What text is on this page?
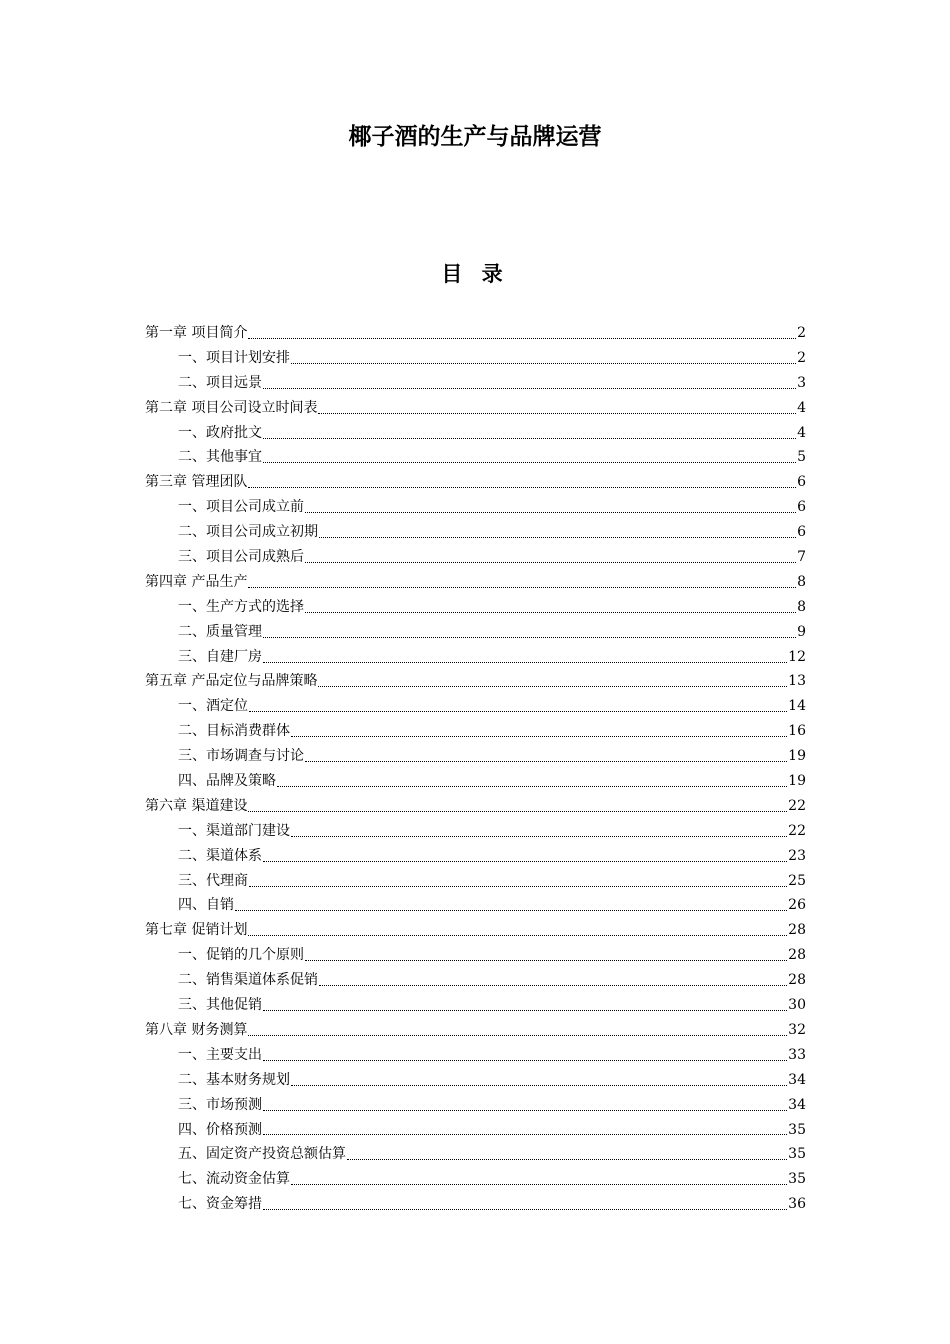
椰子酒的生产与品牌运营
目 录
第一章 项目简介	2
一、项目计划安排	2
二、项目远景	3
第二章 项目公司设立时间表	4
一、政府批文	4
二、其他事宜	5
第三章 管理团队	6
一、项目公司成立前	6
二、项目公司成立初期	6
三、项目公司成熟后	7
第四章 产品生产	8
一、生产方式的选择	8
二、质量管理	9
三、自建厂房	12
第五章 产品定位与品牌策略	13
一、酒定位	14
二、目标消费群体	16
三、市场调查与讨论	19
四、品牌及策略	19
第六章 渠道建设	22
一、渠道部门建设	22
二、渠道体系	23
三、代理商	25
四、自销	26
第七章 促销计划	28
一、促销的几个原则	28
二、销售渠道体系促销	28
三、其他促销	30
第八章 财务测算	32
一、主要支出	33
二、基本财务规划	34
三、市场预测	34
四、价格预测	35
五、固定资产投资总额估算	35
七、流动资金估算	35
七、资金筹措	36
